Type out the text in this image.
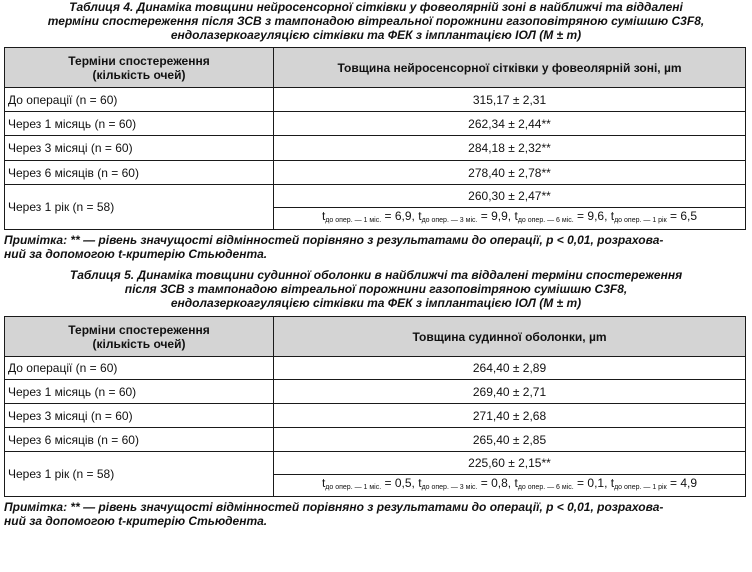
Таблиця 4. Динаміка товщини нейросенсорної сітківки у фовеолярній зоні в найближчі та віддалені
терміни спостереження після ЗСВ з тампонадою вітреальної порожнини газоповітряною сумішшю C3F8,
ендолазеркоагуляцією сітківки та ФЕК з імплантацією ІОЛ (M ± m)
Терміни спостереження
(кількість очей)	Товщина нейросенсорної сітківки у фовеолярній зоні, µm
До операції (n = 60)	315,17 ± 2,31
Через 1 місяць (n = 60)	262,34 ± 2,44**
Через 3 місяці (n = 60)	284,18 ± 2,32**
Через 6 місяців (n = 60)	278,40 ± 2,78**
Через 1 рік (n = 58)	260,30 ± 2,47**
	$t_{до опер. — 1 міс.} = 6,9$, $t_{до опер. — 3 міс.} = 9,9$, $t_{до опер. — 6 міс.} = 9,6$, $t_{до опер. — 1 рік} = 6,5$
Примітка: ** — рівень значущості відмінностей порівняно з результатами до операції, p < 0,01, розрахова-
ний за допомогою t-критерію Стьюдента.
Таблиця 5. Динаміка товщини судинної оболонки в найближчі та віддалені терміни спостереження
після ЗСВ з тампонадою вітреальної порожнини газоповітряною сумішшю C3F8,
ендолазеркоагуляцією сітківки та ФЕК з імплантацією ІОЛ (M ± m)
Терміни спостереження
(кількість очей)	Товщина судинної оболонки, µm
До операції (n = 60)	264,40 ± 2,89
Через 1 місяць (n = 60)	269,40 ± 2,71
Через 3 місяці (n = 60)	271,40 ± 2,68
Через 6 місяців (n = 60)	265,40 ± 2,85
Через 1 рік (n = 58)	225,60 ± 2,15**
	$t_{до опер. — 1 міс.} = 0,5$, $t_{до опер. — 3 міс.} = 0,8$, $t_{до опер. — 6 міс.} = 0,1$, $t_{до опер. — 1 рік} = 4,9$
Примітка: ** — рівень значущості відмінностей порівняно з результатами до операції, p < 0,01, розрахова-
ний за допомогою t-критерію Стьюдента.
